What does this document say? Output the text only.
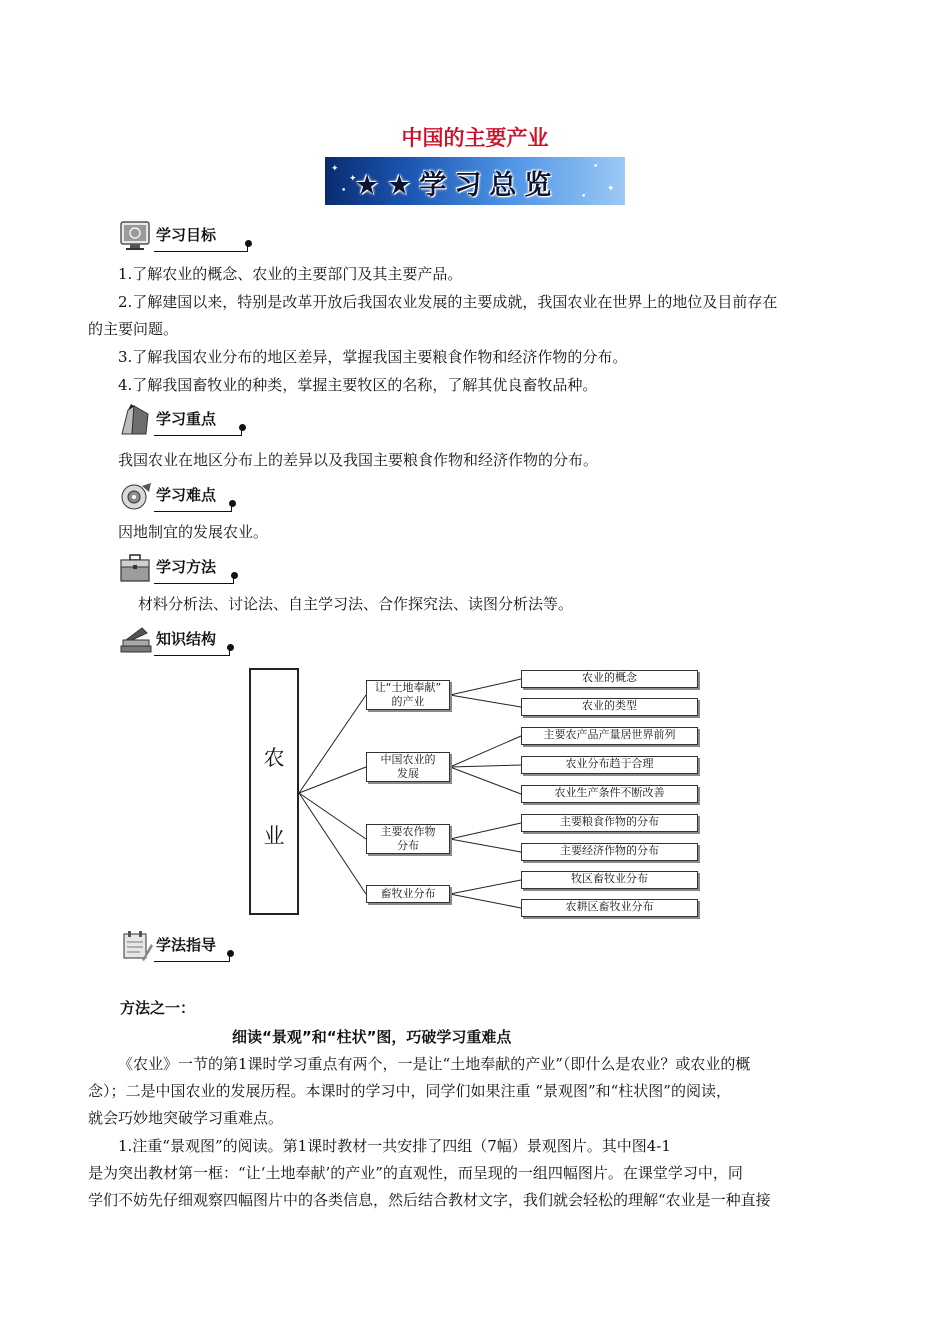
中国的主要产业
✦
•
✦
•
✦
•
★★学习总览
学习目标
1.了解农业的概念、农业的主要部门及其主要产品。
2.了解建国以来，特别是改革开放后我国农业发展的主要成就，我国农业在世界上的地位及目前存在
的主要问题。
3.了解我国农业分布的地区差异，掌握我国主要粮食作物和经济作物的分布。
4.了解我国畜牧业的种类，掌握主要牧区的名称，了解其优良畜牧品种。
学习重点
我国农业在地区分布上的差异以及我国主要粮食作物和经济作物的分布。
学习难点
因地制宜的发展农业。
学习方法
材料分析法、讨论法、自主学习法、合作探究法、读图分析法等。
知识结构
农
业
让“土地奉献”
的产业
中国农业的
发展
主要农作物
分布
畜牧业分布
农业的概念
农业的类型
主要农产品产量居世界前列
农业分布趋于合理
农业生产条件不断改善
主要粮食作物的分布
主要经济作物的分布
牧区畜牧业分布
农耕区畜牧业分布
学法指导
方法之一：
细读“景观”和“柱状”图，巧破学习重难点
《农业》一节的第1课时学习重点有两个，一是让“土地奉献的产业”（即什么是农业？或农业的概
念）；二是中国农业的发展历程。本课时的学习中，同学们如果注重 “景观图”和“柱状图”的阅读，
就会巧妙地突破学习重难点。
1.注重“景观图”的阅读。第1课时教材一共安排了四组（7幅）景观图片。其中图4-1
是为突出教材第一框：“让‘土地奉献’的产业”的直观性，而呈现的一组四幅图片。在课堂学习中，同
学们不妨先仔细观察四幅图片中的各类信息，然后结合教材文字，我们就会轻松的理解“农业是一种直接
